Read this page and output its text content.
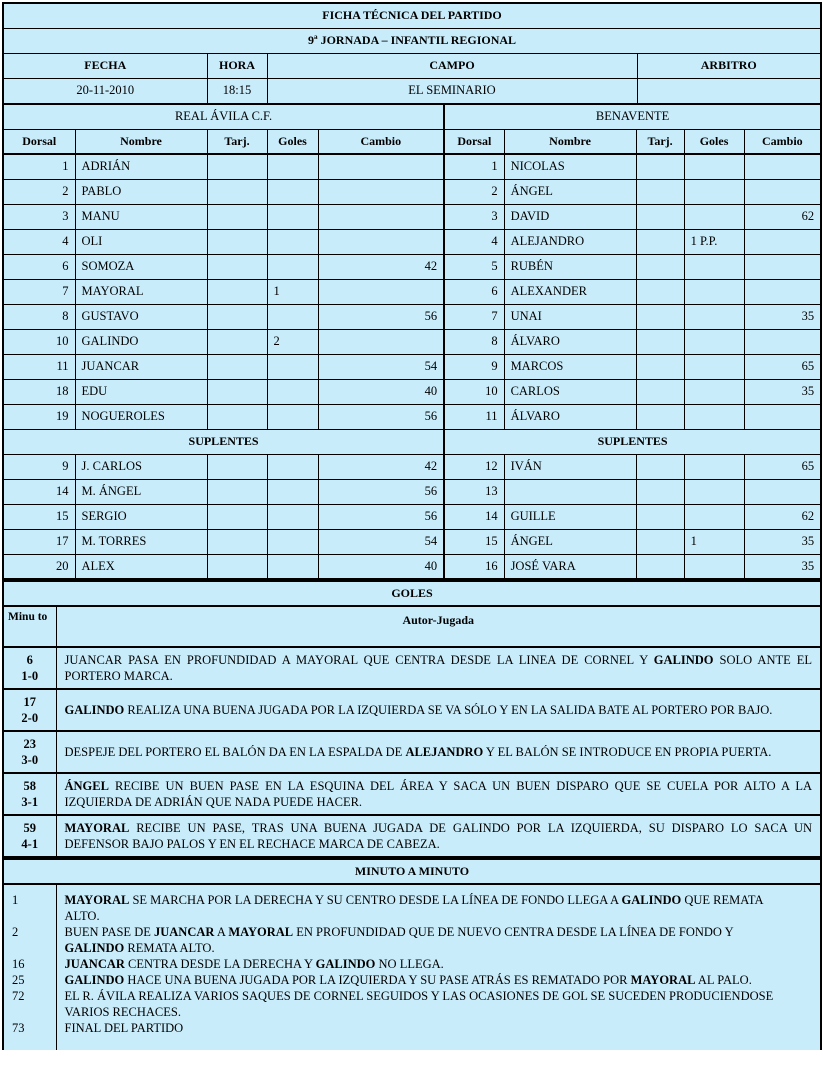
FICHA TÉCNICA DEL PARTIDO			
9ª JORNADA – INFANTIL REGIONAL			
FECHA	HORA	CAMPO	ARBITRO
20-11-2010	18:15	EL SEMINARIO	
REAL ÁVILA C.F.					BENAVENTE				
Dorsal	Nombre	Tarj.	Goles	Cambio	Dorsal	Nombre	Tarj.	Goles	Cambio
1	ADRIÁN				1	NICOLAS			
2	PABLO				2	ÁNGEL			
3	MANU				3	DAVID			62
4	OLI				4	ALEJANDRO		1 P.P.	
6	SOMOZA			42	5	RUBÉN			
7	MAYORAL		1		6	ALEXANDER			
8	GUSTAVO			56	7	UNAI			35
10	GALINDO		2		8	ÁLVARO			
11	JUANCAR			54	9	MARCOS			65
18	EDU			40	10	CARLOS			35
19	NOGUEROLES			56	11	ÁLVARO			
SUPLENTES					SUPLENTES				
9	J. CARLOS			42	12	IVÁN			65
14	M. ÁNGEL			56	13				
15	SERGIO			56	14	GUILLE			62
17	M. TORRES			54	15	ÁNGEL		1	35
20	ALEX			40	16	JOSÉ VARA			35
GOLES	
Minu to	Autor-Jugada

6
1-0	JUANCAR PASA EN PROFUNDIDAD A MAYORAL QUE CENTRA DESDE LA LINEA DE CORNEL Y GALINDO SOLO ANTE EL PORTERO MARCA.

17
2-0	GALINDO REALIZA UNA BUENA JUGADA POR LA IZQUIERDA SE VA SÓLO Y EN LA SALIDA BATE AL PORTERO POR BAJO.

23
3-0	DESPEJE DEL PORTERO EL BALÓN DA EN LA ESPALDA DE ALEJANDRO Y EL BALÓN SE INTRODUCE EN PROPIA PUERTA.

58
3-1	ÁNGEL RECIBE UN BUEN PASE EN LA ESQUINA DEL ÁREA Y SACA UN BUEN DISPARO QUE SE CUELA POR ALTO A LA IZQUIERDA DE ADRIÁN QUE NADA PUEDE HACER.

59
4-1	MAYORAL RECIBE UN PASE, TRAS UNA BUENA JUGADA DE GALINDO POR LA IZQUIERDA, SU DISPARO LO SACA UN DEFENSOR BAJO PALOS Y EN EL RECHACE MARCA DE CABEZA.
MINUTO A MINUTO	
1	MAYORAL SE MARCHA POR LA DERECHA Y SU CENTRO DESDE LA LÍNEA DE FONDO LLEGA A GALINDO QUE REMATA ALTO.
2	BUEN PASE DE JUANCAR A MAYORAL EN PROFUNDIDAD QUE DE NUEVO CENTRA DESDE LA LÍNEA DE FONDO Y GALINDO REMATA ALTO.
16	JUANCAR CENTRA DESDE LA DERECHA Y GALINDO NO LLEGA.
25	GALINDO HACE UNA BUENA JUGADA POR LA IZQUIERDA Y SU PASE ATRÁS ES REMATADO POR MAYORAL AL PALO.
72	EL R. ÁVILA REALIZA VARIOS SAQUES DE CORNEL SEGUIDOS Y LAS OCASIONES DE GOL SE SUCEDEN PRODUCIENDOSE VARIOS RECHACES.
73	FINAL DEL PARTIDO
